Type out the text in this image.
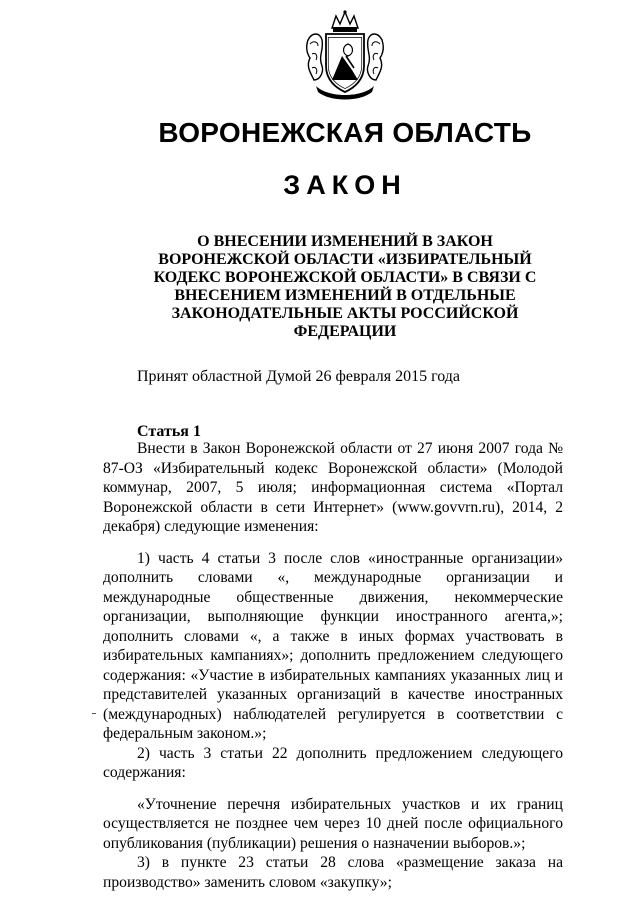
ВОРОНЕЖСКАЯ ОБЛАСТЬ
ЗАКОН
О ВНЕСЕНИИ ИЗМЕНЕНИЙ В ЗАКОН
ВОРОНЕЖСКОЙ ОБЛАСТИ «ИЗБИРАТЕЛЬНЫЙ
КОДЕКС ВОРОНЕЖСКОЙ ОБЛАСТИ» В СВЯЗИ С
ВНЕСЕНИЕМ ИЗМЕНЕНИЙ В ОТДЕЛЬНЫЕ
ЗАКОНОДАТЕЛЬНЫЕ АКТЫ РОССИЙСКОЙ
ФЕДЕРАЦИИ
Принят областной Думой 26 февраля 2015 года
Статья 1

Внести в Закон Воронежской области от 27 июня 2007 года № 87-ОЗ «Избирательный кодекс Воронежской области» (Молодой коммунар, 2007, 5 июля; информационная система «Портал Воронежской области в сети Интернет» (www.govvrn.ru), 2014, 2 декабря) следующие изменения:

1) часть 4 статьи 3 после слов «иностранные организации» дополнить словами «, международные организации и международные общественные движения, некоммерческие организации, выполняющие функции иностранного агента,»; дополнить словами «, а также в иных формах участвовать в избирательных кампаниях»; дополнить предложением следующего содержания: «Участие в избирательных кампаниях указанных лиц и представителей указанных организаций в качестве иностранных (международных) наблюдателей регулируется в соответствии с федеральным законом.»;

2) часть 3 статьи 22 дополнить предложением следующего содержания:

«Уточнение перечня избирательных участков и их границ осуществляется не позднее чем через 10 дней после официального опубликования (публикации) решения о назначении выборов.»;

3) в пункте 23 статьи 28 слова «размещение заказа на производство» заменить словом «закупку»;
